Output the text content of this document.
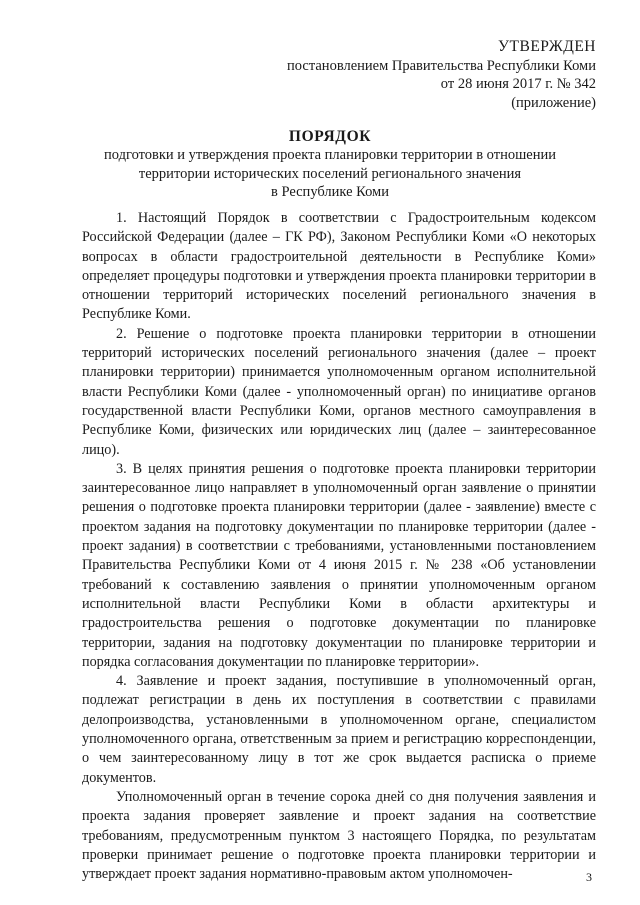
УТВЕРЖДЕН
постановлением Правительства Республики Коми
от 28 июня 2017 г. № 342
(приложение)
ПОРЯДОК
подготовки и утверждения проекта планировки территории в отношении
территории исторических поселений регионального значения
в Республике Коми

1. Настоящий Порядок в соответствии с Градостроительным кодексом Российской Федерации (далее – ГК РФ), Законом Республики Коми «О некоторых вопросах в области градостроительной деятельности в Республике Коми» определяет процедуры подготовки и утверждения проекта планировки территории в отношении территорий исторических поселений регионального значения в Республике Коми.

2. Решение о подготовке проекта планировки территории в отношении территорий исторических поселений регионального значения (далее – проект планировки территории) принимается уполномоченным органом исполнительной власти Республики Коми (далее - уполномоченный орган) по инициативе органов государственной власти Республики Коми, органов местного самоуправления в Республике Коми, физических или юридических лиц (далее – заинтересованное лицо).

3. В целях принятия решения о подготовке проекта планировки территории заинтересованное лицо направляет в уполномоченный орган заявление о принятии решения о подготовке проекта планировки территории (далее - заявление) вместе с проектом задания на подготовку документации по планировке территории (далее - проект задания) в соответствии с требованиями, установленными постановлением Правительства Республики Коми от 4 июня 2015 г. № 238 «Об установлении требований к составлению заявления о принятии уполномоченным органом исполнительной власти Республики Коми в области архитектуры и градостроительства решения о подготовке документации по планировке территории, задания на подготовку документации по планировке территории и порядка согласования документации по планировке территории».

4. Заявление и проект задания, поступившие в уполномоченный орган, подлежат регистрации в день их поступления в соответствии с правилами делопроизводства, установленными в уполномоченном органе, специалистом уполномоченного органа, ответственным за прием и регистрацию корреспонденции, о чем заинтересованному лицу в тот же срок выдается расписка о приеме документов.

Уполномоченный орган в течение сорока дней со дня получения заявления и проекта задания проверяет заявление и проект задания на соответствие требованиям, предусмотренным пунктом 3 настоящего Порядка, по результатам проверки принимает решение о подготовке проекта планировки территории и утверждает проект задания нормативно-правовым актом уполномочен-	3
